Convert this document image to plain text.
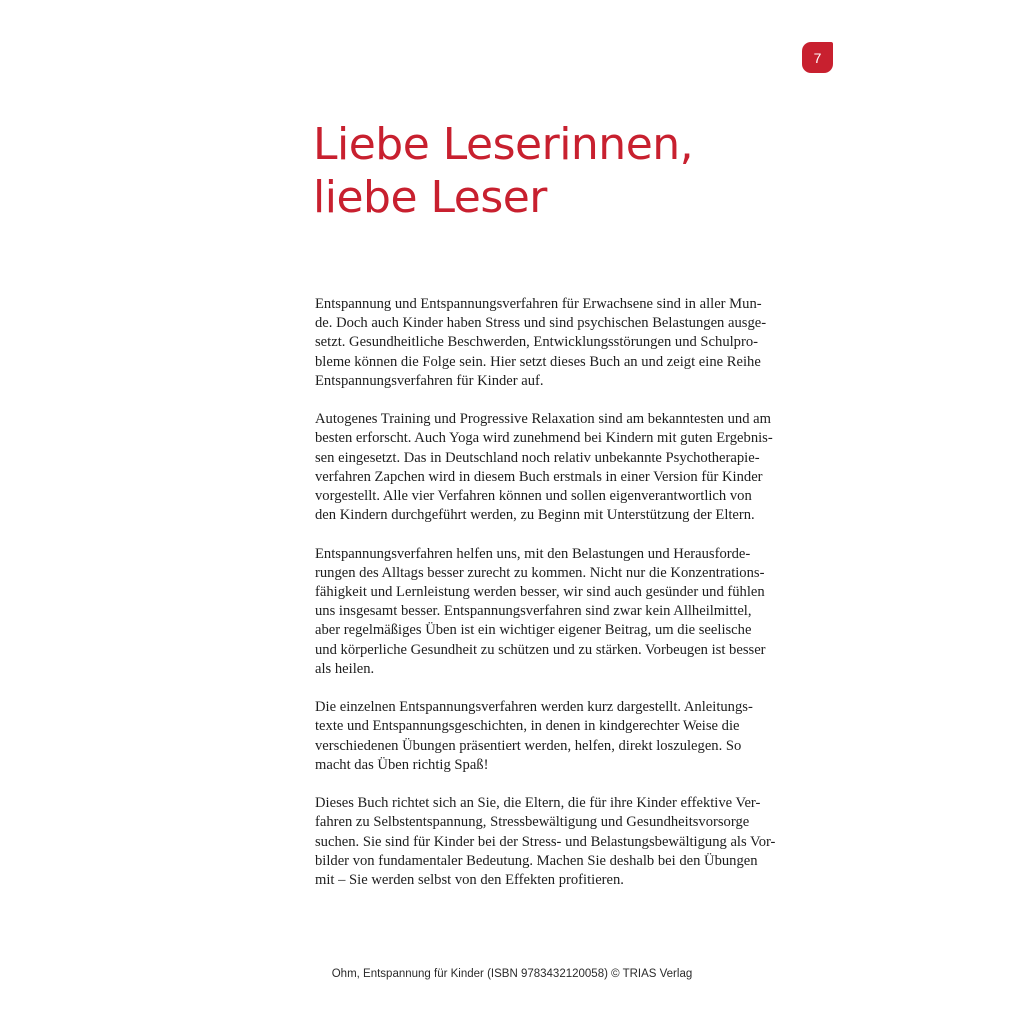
7
Liebe Leserinnen,
liebe Leser

Entspannung und Entspannungsverfahren für Erwachsene sind in aller Mun-
de. Doch auch Kinder haben Stress und sind psychischen Belastungen ausge-
setzt. Gesundheitliche Beschwerden, Entwicklungsstörungen und Schulpro-
bleme können die Folge sein. Hier setzt dieses Buch an und zeigt eine Reihe
Entspannungsverfahren für Kinder auf.

Autogenes Training und Progressive Relaxation sind am bekanntesten und am
besten erforscht. Auch Yoga wird zunehmend bei Kindern mit guten Ergebnis-
sen eingesetzt. Das in Deutschland noch relativ unbekannte Psychotherapie-
verfahren Zapchen wird in diesem Buch erstmals in einer Version für Kinder
vorgestellt. Alle vier Verfahren können und sollen eigenverantwortlich von
den Kindern durchgeführt werden, zu Beginn mit Unterstützung der Eltern.

Entspannungsverfahren helfen uns, mit den Belastungen und Herausforde-
rungen des Alltags besser zurecht zu kommen. Nicht nur die Konzentrations-
fähigkeit und Lernleistung werden besser, wir sind auch gesünder und fühlen
uns insgesamt besser. Entspannungsverfahren sind zwar kein Allheilmittel,
aber regelmäßiges Üben ist ein wichtiger eigener Beitrag, um die seelische
und körperliche Gesundheit zu schützen und zu stärken. Vorbeugen ist besser
als heilen.

Die einzelnen Entspannungsverfahren werden kurz dargestellt. Anleitungs-
texte und Entspannungsgeschichten, in denen in kindgerechter Weise die
verschiedenen Übungen präsentiert werden, helfen, direkt loszulegen. So
macht das Üben richtig Spaß!

Dieses Buch richtet sich an Sie, die Eltern, die für ihre Kinder effektive Ver-
fahren zu Selbstentspannung, Stressbewältigung und Gesundheitsvorsorge
suchen. Sie sind für Kinder bei der Stress- und Belastungsbewältigung als Vor-
bilder von fundamentaler Bedeutung. Machen Sie deshalb bei den Übungen
mit – Sie werden selbst von den Effekten profitieren.

Ohm, Entspannung für Kinder (ISBN 9783432120058) © TRIAS Verlag
